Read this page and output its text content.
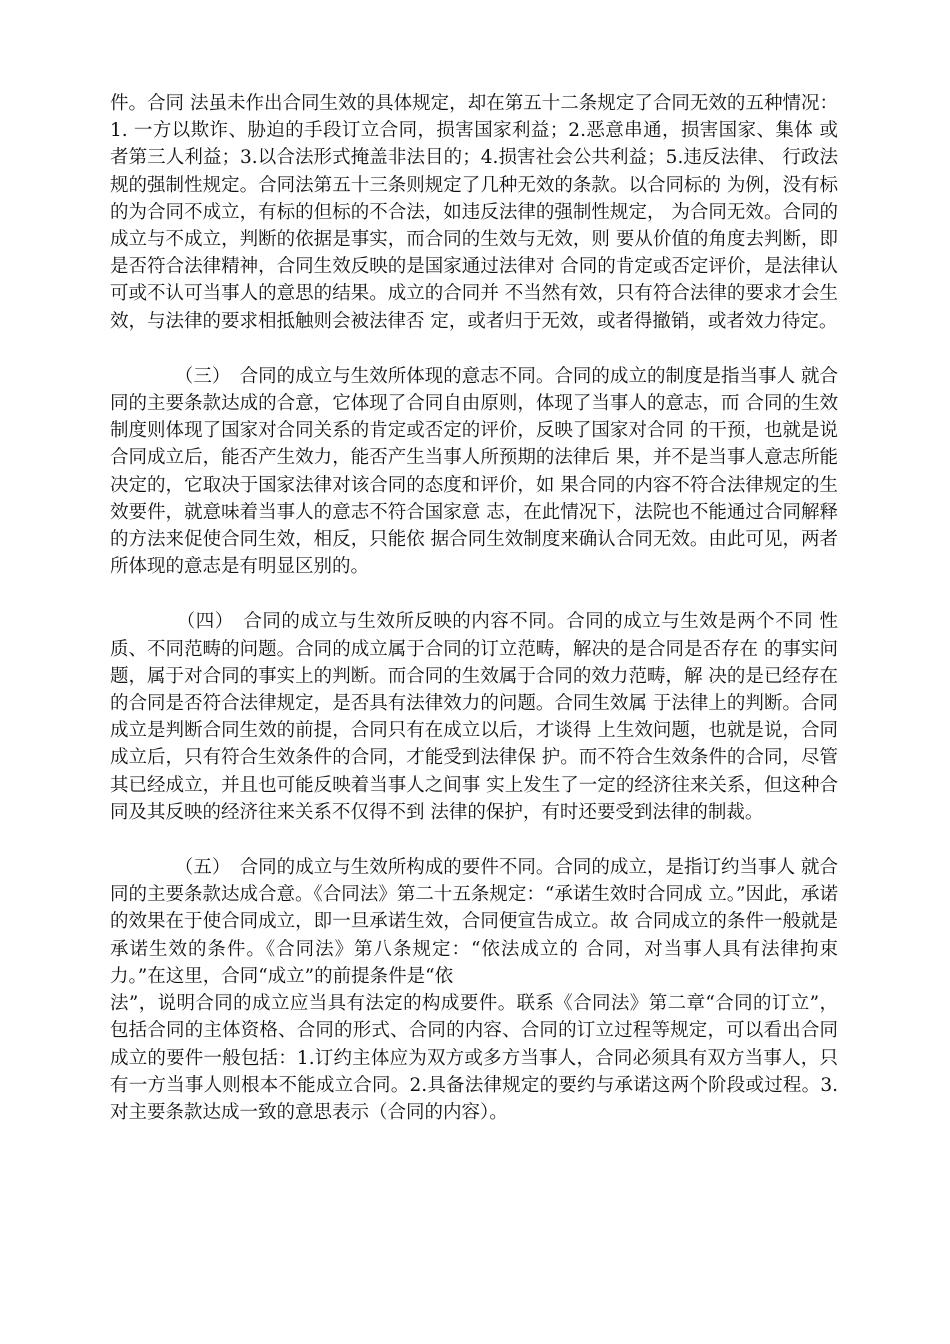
件。合同 法虽未作出合同生效的具体规定，却在第五十二条规定了合同无效的五种情况：1. 一方以欺诈、胁迫的手段订立合同，损害国家利益；2.恶意串通，损害国家、集体 或者第三人利益；3.以合法形式掩盖非法目的；4.损害社会公共利益；5.违反法律、 行政法规的强制性规定。合同法第五十三条则规定了几种无效的条款。以合同标的 为例，没有标的为合同不成立，有标的但标的不合法，如违反法律的强制性规定， 为合同无效。合同的成立与不成立，判断的依据是事实，而合同的生效与无效，则 要从价值的角度去判断，即是否符合法律精神，合同生效反映的是国家通过法律对 合同的肯定或否定评价，是法律认可或不认可当事人的意思的结果。成立的合同并 不当然有效，只有符合法律的要求才会生效，与法律的要求相抵触则会被法律否 定，或者归于无效，或者得撤销，或者效力待定。

　　　　（三）　合同的成立与生效所体现的意志不同。合同的成立的制度是指当事人 就合同的主要条款达成的合意，它体现了合同自由原则，体现了当事人的意志，而 合同的生效制度则体现了国家对合同关系的肯定或否定的评价，反映了国家对合同 的干预，也就是说合同成立后，能否产生效力，能否产生当事人所预期的法律后 果，并不是当事人意志所能决定的，它取决于国家法律对该合同的态度和评价，如 果合同的内容不符合法律规定的生效要件，就意味着当事人的意志不符合国家意 志，在此情况下，法院也不能通过合同解释的方法来促使合同生效，相反，只能依 据合同生效制度来确认合同无效。由此可见，两者所体现的意志是有明显区别的。

　　　　（四）　合同的成立与生效所反映的内容不同。合同的成立与生效是两个不同 性质、不同范畴的问题。合同的成立属于合同的订立范畴，解决的是合同是否存在 的事实问题，属于对合同的事实上的判断。而合同的生效属于合同的效力范畴，解 决的是已经存在的合同是否符合法律规定，是否具有法律效力的问题。合同生效属 于法律上的判断。合同成立是判断合同生效的前提，合同只有在成立以后，才谈得 上生效问题，也就是说，合同成立后，只有符合生效条件的合同，才能受到法律保 护。而不符合生效条件的合同，尽管其已经成立，并且也可能反映着当事人之间事 实上发生了一定的经济往来关系，但这种合同及其反映的经济往来关系不仅得不到 法律的保护，有时还要受到法律的制裁。

　　　　（五）　合同的成立与生效所构成的要件不同。合同的成立，是指订约当事人 就合同的主要条款达成合意。《合同法》第二十五条规定：“承诺生效时合同成 立。”因此，承诺的效果在于使合同成立，即一旦承诺生效，合同便宣告成立。故 合同成立的条件一般就是承诺生效的条件。《合同法》第八条规定：“依法成立的 合同，对当事人具有法律拘束力。”在这里，合同“成立”的前提条件是“依
法”，说明合同的成立应当具有法定的构成要件。联系《合同法》第二章“合同的订立”，包括合同的主体资格、合同的形式、合同的内容、合同的订立过程等规定，可以看出合同成立的要件一般包括：1.订约主体应为双方或多方当事人，合同必须具有双方当事人，只有一方当事人则根本不能成立合同。2.具备法律规定的要约与承诺这两个阶段或过程。3.对主要条款达成一致的意思表示（合同的内容）。
